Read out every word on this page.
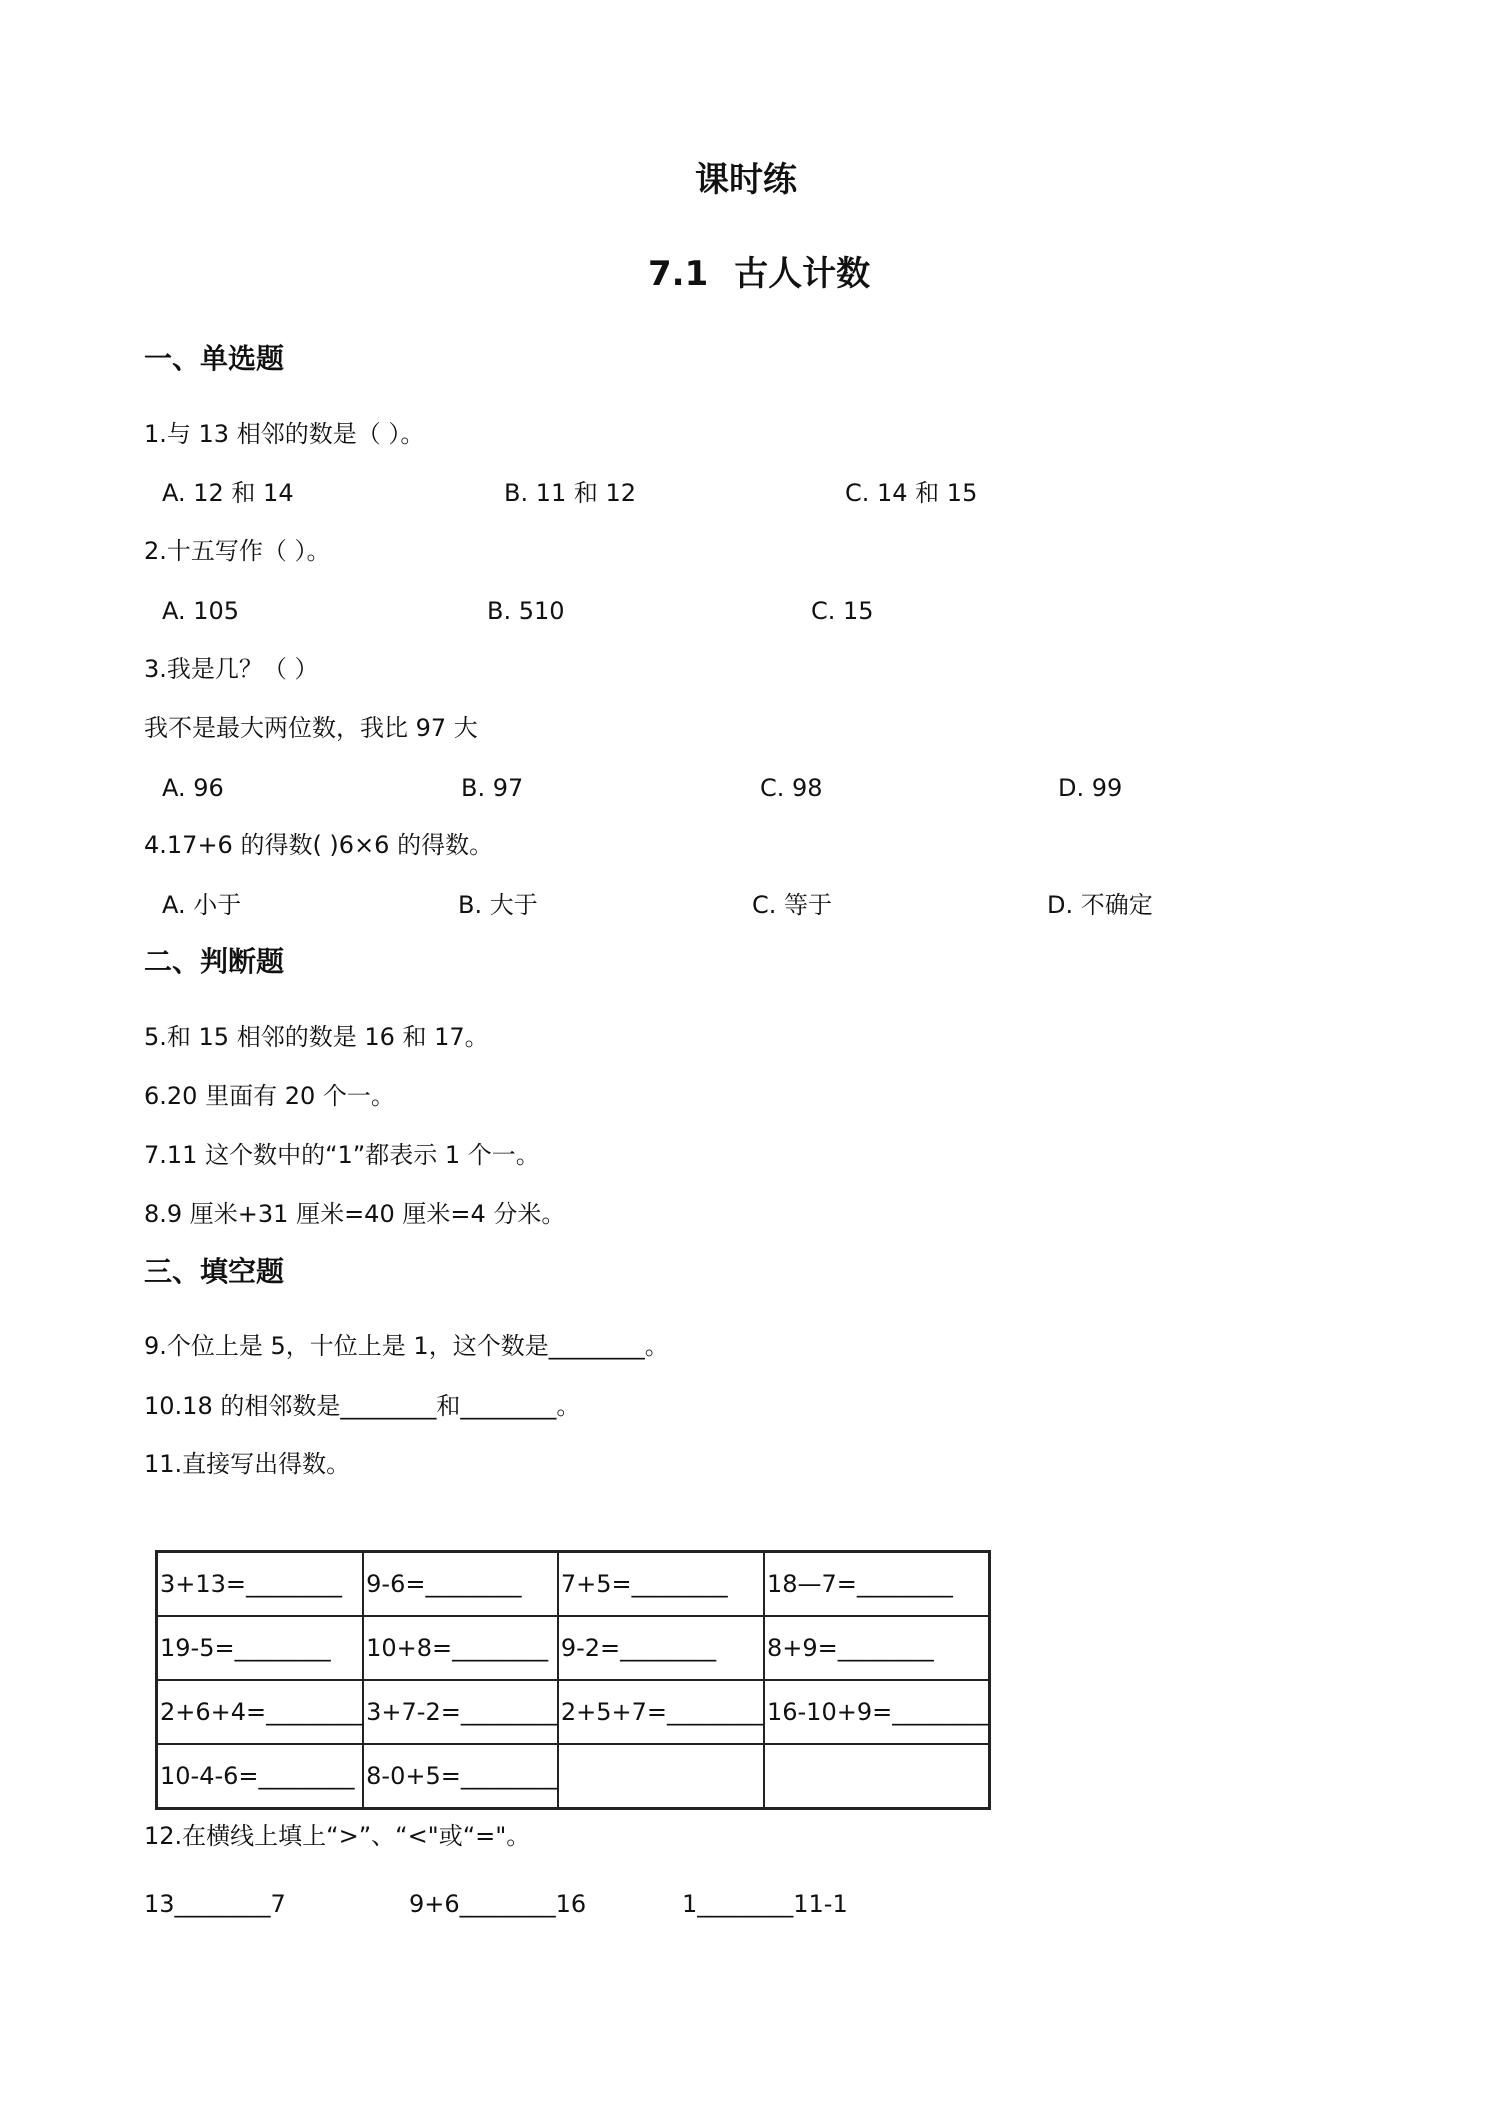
课时练
7.1 古人计数
一、单选题
1.与 13 相邻的数是（ ）。
A. 12 和 14	B. 11 和 12	C. 14 和 15
2.十五写作（ ）。
A. 105	B. 510	C. 15
3.我是几？（ ）
我不是最大两位数，我比 97 大
A. 96	B. 97	C. 98	D. 99
4.17+6 的得数( )6×6 的得数。
A. 小于	B. 大于	C. 等于	D. 不确定
二、判断题
5.和 15 相邻的数是 16 和 17。
6.20 里面有 20 个一。
7.11 这个数中的“1”都表示 1 个一。
8.9 厘米+31 厘米=40 厘米=4 分米。
三、填空题
9.个位上是 5，十位上是 1，这个数是________。
10.18 的相邻数是________和________。
11.直接写出得数。
3+13=________	9-6=________	7+5=________	18—7=________
19-5=________	10+8=________	9-2=________	8+9=________
2+6+4=________	3+7-2=________	2+5+7=________	16-10+9=________
10-4-6=________	8-0+5=________		
12.在横线上填上“>”、“<"或“="。
13________7	9+6________16	1________11-1
